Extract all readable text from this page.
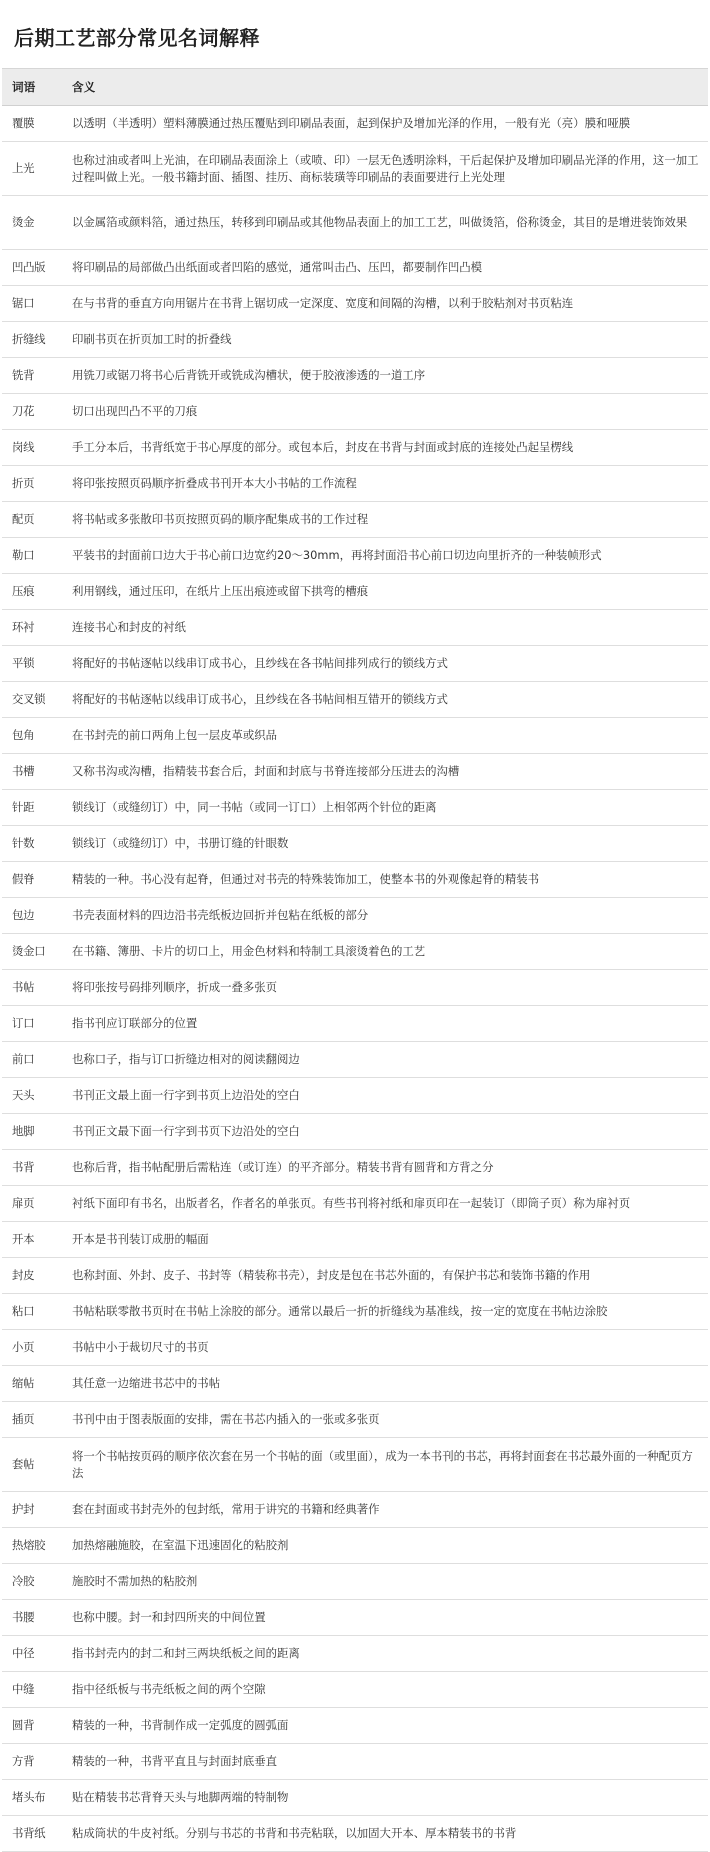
后期工艺部分常见名词解释
词语	含义
覆膜	以透明（半透明）塑料薄膜通过热压覆贴到印刷品表面，起到保护及增加光泽的作用，一般有光（亮）膜和哑膜
上光	也称过油或者叫上光油，在印刷品表面涂上（或喷、印）一层无色透明涂料，干后起保护及增加印刷品光泽的作用，这一加工过程叫做上光。一般书籍封面、插图、挂历、商标装璜等印刷品的表面要进行上光处理
烫金	以金属箔或颜料箔，通过热压，转移到印刷品或其他物品表面上的加工工艺，叫做烫箔，俗称烫金，其目的是增进装饰效果
凹凸版	将印刷品的局部做凸出纸面或者凹陷的感觉，通常叫击凸、压凹，都要制作凹凸模
锯口	在与书背的垂直方向用锯片在书背上锯切成一定深度、宽度和间隔的沟槽，以利于胶粘剂对书页粘连
折缝线	印刷书页在折页加工时的折叠线
铣背	用铣刀或锯刀将书心后背铣开或铣成沟槽状，便于胶液渗透的一道工序
刀花	切口出现凹凸不平的刀痕
岗线	手工分本后，书背纸宽于书心厚度的部分。或包本后，封皮在书背与封面或封底的连接处凸起呈楞线
折页	将印张按照页码顺序折叠成书刊开本大小书帖的工作流程
配页	将书帖或多张散印书页按照页码的顺序配集成书的工作过程
勒口	平装书的封面前口边大于书心前口边宽约20～30mm，再将封面沿书心前口切边向里折齐的一种装帧形式
压痕	利用钢线，通过压印，在纸片上压出痕迹或留下拱弯的槽痕
环衬	连接书心和封皮的衬纸
平锁	将配好的书帖逐帖以线串订成书心，且纱线在各书帖间排列成行的锁线方式
交叉锁	将配好的书帖逐帖以线串订成书心，且纱线在各书帖间相互错开的锁线方式
包角	在书封壳的前口两角上包一层皮革或织品
书槽	又称书沟或沟槽，指精装书套合后，封面和封底与书脊连接部分压进去的沟槽
针距	锁线订（或缝纫订）中，同一书帖（或同一订口）上相邻两个针位的距离
针数	锁线订（或缝纫订）中，书册订缝的针眼数
假脊	精装的一种。书心没有起脊，但通过对书壳的特殊装饰加工，使整本书的外观像起脊的精装书
包边	书壳表面材料的四边沿书壳纸板边回折并包粘在纸板的部分
烫金口	在书籍、簿册、卡片的切口上，用金色材料和特制工具滚烫着色的工艺
书帖	将印张按号码排列顺序，折成一叠多张页
订口	指书刊应订联部分的位置
前口	也称口子，指与订口折缝边相对的阅读翻阅边
天头	书刊正文最上面一行字到书页上边沿处的空白
地脚	书刊正文最下面一行字到书页下边沿处的空白
书背	也称后背，指书帖配册后需粘连（或订连）的平齐部分。精装书背有圆背和方背之分
扉页	衬纸下面印有书名，出版者名，作者名的单张页。有些书刊将衬纸和扉页印在一起装订（即筒子页）称为扉衬页
开本	开本是书刊装订成册的幅面
封皮	也称封面、外封、皮子、书封等（精装称书壳），封皮是包在书芯外面的，有保护书芯和装饰书籍的作用
粘口	书帖粘联零散书页时在书帖上涂胶的部分。通常以最后一折的折缝线为基准线，按一定的宽度在书帖边涂胶
小页	书帖中小于裁切尺寸的书页
缩帖	其任意一边缩进书芯中的书帖
插页	书刊中由于图表版面的安排，需在书芯内插入的一张或多张页
套帖	将一个书帖按页码的顺序依次套在另一个书帖的面（或里面），成为一本书刊的书芯，再将封面套在书芯最外面的一种配页方法
护封	套在封面或书封壳外的包封纸，常用于讲究的书籍和经典著作
热熔胶	加热熔融施胶，在室温下迅速固化的粘胶剂
冷胶	施胶时不需加热的粘胶剂
书腰	也称中腰。封一和封四所夹的中间位置
中径	指书封壳内的封二和封三两块纸板之间的距离
中缝	指中径纸板与书壳纸板之间的两个空隙
圆背	精装的一种，书背制作成一定弧度的圆弧面
方背	精装的一种，书背平直且与封面封底垂直
堵头布	贴在精装书芯背脊天头与地脚两端的特制物
书背纸	粘成筒状的牛皮衬纸。分别与书芯的书背和书壳粘联，以加固大开本、厚本精装书的书背
